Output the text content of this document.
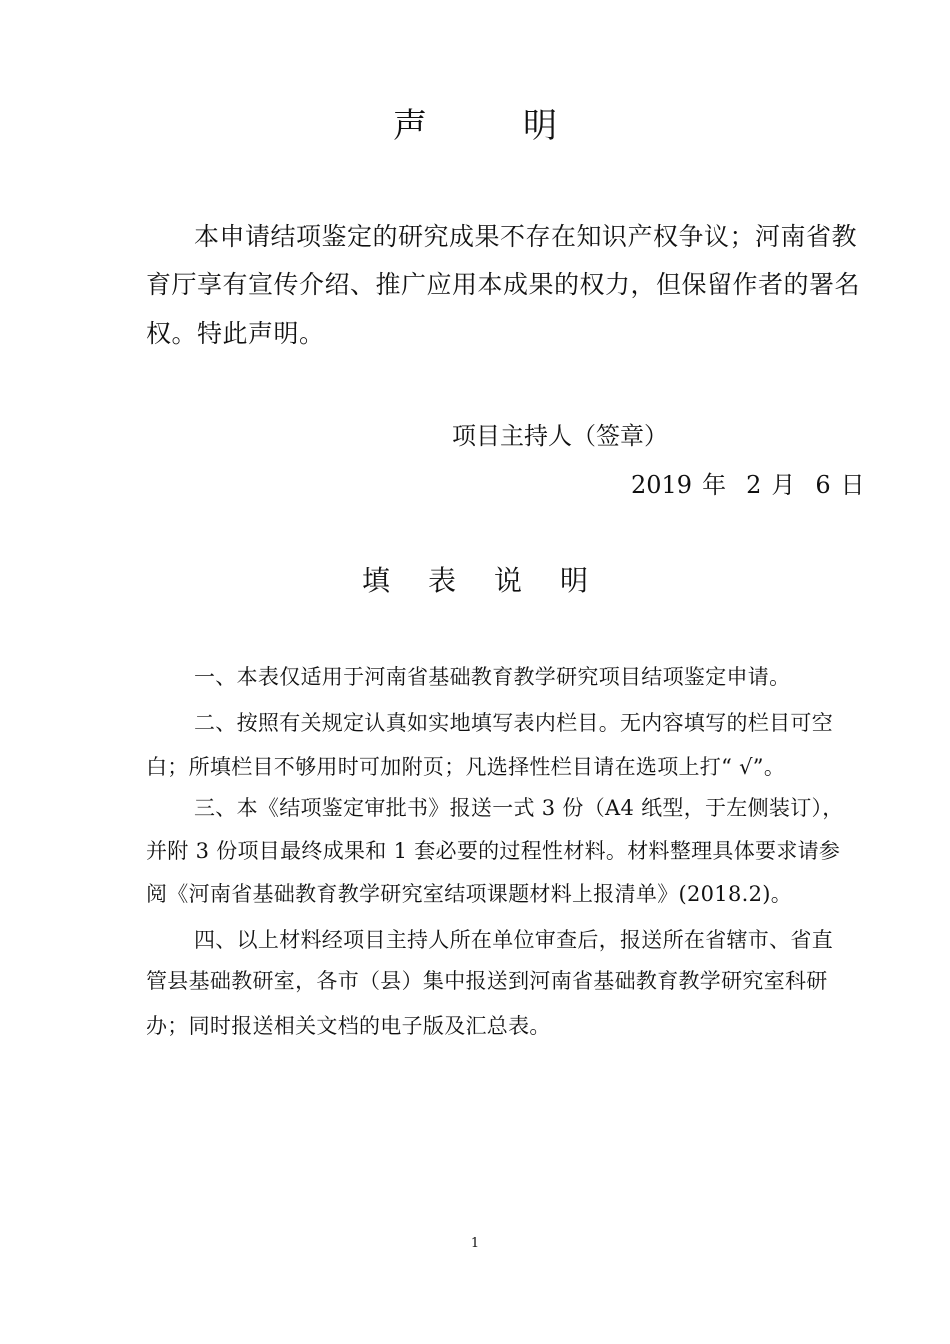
声	明
本申请结项鉴定的研究成果不存在知识产权争议；河南省教
育厅享有宣传介绍、推广应用本成果的权力，但保留作者的署名
权。特此声明。
项目主持人（签章）
2019 年 2 月 6 日
填 表 说 明
一、本表仅适用于河南省基础教育教学研究项目结项鉴定申请。
二、按照有关规定认真如实地填写表内栏目。无内容填写的栏目可空
白；所填栏目不够用时可加附页；凡选择性栏目请在选项上打“ √”。
三、本《结项鉴定审批书》报送一式 3 份（A4 纸型，于左侧装订），
并附 3 份项目最终成果和 1 套必要的过程性材料。材料整理具体要求请参
阅《河南省基础教育教学研究室结项课题材料上报清单》(2018.2)。
四、以上材料经项目主持人所在单位审查后，报送所在省辖市、省直
管县基础教研室，各市（县）集中报送到河南省基础教育教学研究室科研
办；同时报送相关文档的电子版及汇总表。
1
